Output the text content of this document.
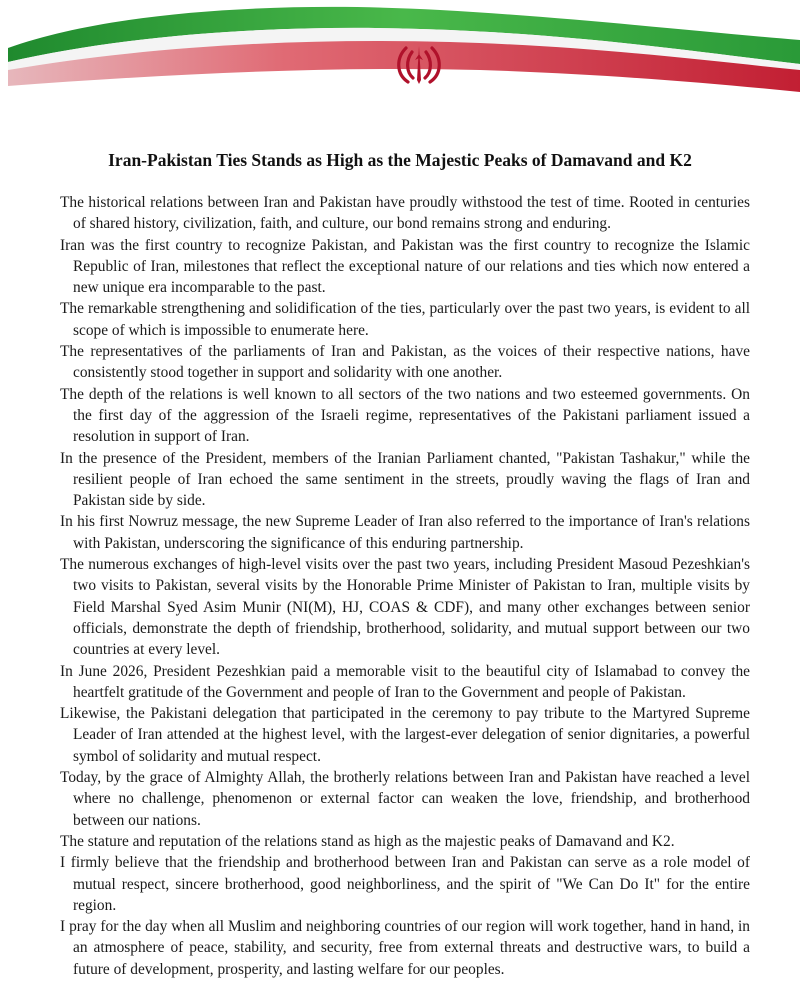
Iran-Pakistan Ties Stands as High as the Majestic Peaks of Damavand and K2

The historical relations between Iran and Pakistan have proudly withstood the test of time. Rooted in centuries of shared history, civilization, faith, and culture, our bond remains strong and enduring.

Iran was the first country to recognize Pakistan, and Pakistan was the first country to recognize the Islamic Republic of Iran, milestones that reflect the exceptional nature of our relations and ties which now entered a new unique era incomparable to the past.

The remarkable strengthening and solidification of the ties, particularly over the past two years, is evident to all scope of which is impossible to enumerate here.

The representatives of the parliaments of Iran and Pakistan, as the voices of their respective nations, have consistently stood together in support and solidarity with one another.

The depth of the relations is well known to all sectors of the two nations and two esteemed governments. On the first day of the aggression of the Israeli regime, representatives of the Pakistani parliament issued a resolution in support of Iran.

In the presence of the President, members of the Iranian Parliament chanted, "Pakistan Tashakur," while the resilient people of Iran echoed the same sentiment in the streets, proudly waving the flags of Iran and Pakistan side by side.

In his first Nowruz message, the new Supreme Leader of Iran also referred to the importance of Iran's relations with Pakistan, underscoring the significance of this enduring partnership.

The numerous exchanges of high-level visits over the past two years, including President Masoud Pezeshkian's two visits to Pakistan, several visits by the Honorable Prime Minister of Pakistan to Iran, multiple visits by Field Marshal Syed Asim Munir (NI(M), HJ, COAS & CDF), and many other exchanges between senior officials, demonstrate the depth of friendship, brotherhood, solidarity, and mutual support between our two countries at every level.

In June 2026, President Pezeshkian paid a memorable visit to the beautiful city of Islamabad to convey the heartfelt gratitude of the Government and people of Iran to the Government and people of Pakistan.

Likewise, the Pakistani delegation that participated in the ceremony to pay tribute to the Martyred Supreme Leader of Iran attended at the highest level, with the largest-ever delegation of senior dignitaries, a powerful symbol of solidarity and mutual respect.

Today, by the grace of Almighty Allah, the brotherly relations between Iran and Pakistan have reached a level where no challenge, phenomenon or external factor can weaken the love, friendship, and brotherhood between our nations.

The stature and reputation of the relations stand as high as the majestic peaks of Damavand and K2.

I firmly believe that the friendship and brotherhood between Iran and Pakistan can serve as a role model of mutual respect, sincere brotherhood, good neighborliness, and the spirit of "We Can Do It" for the entire region.

I pray for the day when all Muslim and neighboring countries of our region will work together, hand in hand, in an atmosphere of peace, stability, and security, free from external threats and destructive wars, to build a future of development, prosperity, and lasting welfare for our peoples.
